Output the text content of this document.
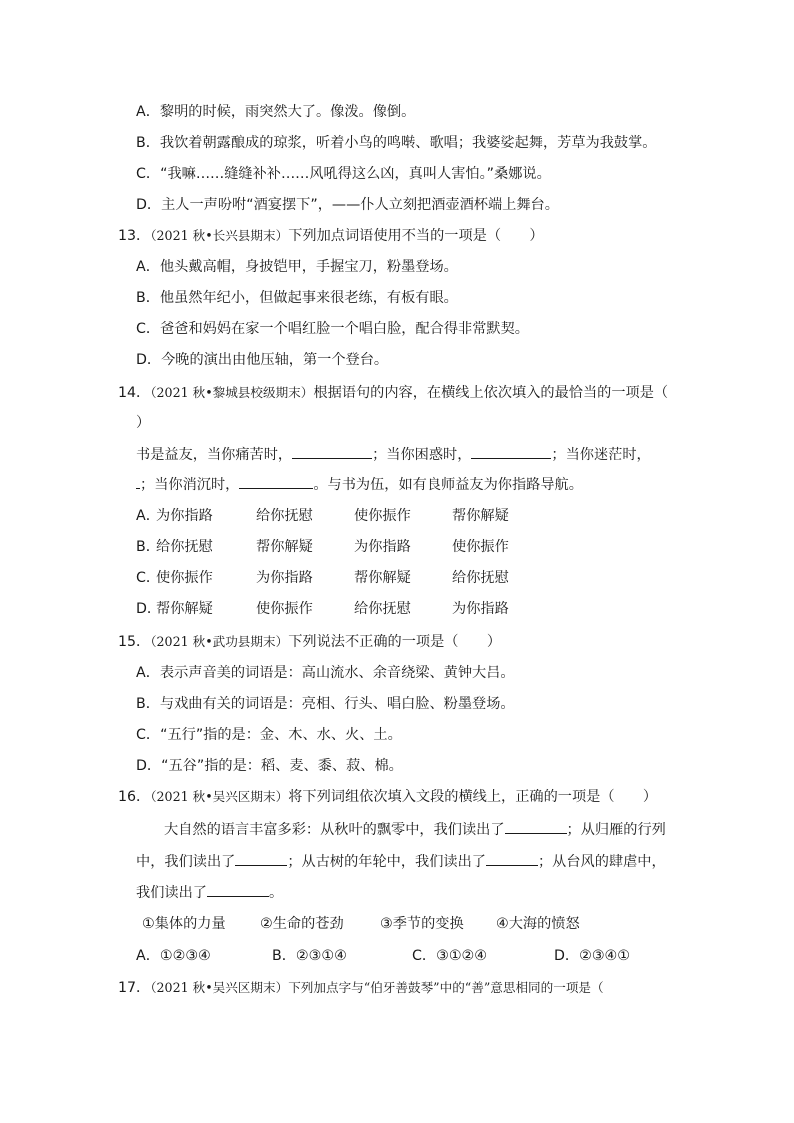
A．黎明的时候，雨突然大了。像泼。像倒。
B．我饮着朝露酿成的琼浆，听着小鸟的鸣啭、歌唱；我婆娑起舞，芳草为我鼓掌。
C．“我嘛……缝缝补补……风吼得这么凶，真叫人害怕。”桑娜说。
D．主人一声吩咐“酒宴摆下”，——仆人立刻把酒壶酒杯端上舞台。
13．（2021 秋•长兴县期末）下列加点词语使用不当的一项是（　　）
A．他头戴高帽，身披铠甲，手握宝刀，粉墨登场。
B．他虽然年纪小，但做起事来很老练，有板有眼。
C．爸爸和妈妈在家一个唱红脸一个唱白脸，配合得非常默契。
D．今晚的演出由他压轴，第一个登台。
14．（2021 秋•黎城县校级期末）根据语句的内容，在横线上依次填入的最恰当的一项是（
）
书是益友，当你痛苦时，	；当你困惑时，	；当你迷茫时，
；当你消沉时，	。与书为伍，如有良师益友为你指路导航。
A．为你指路	给你抚慰	使你振作	帮你解疑
B．给你抚慰	帮你解疑	为你指路	使你振作
C．使你振作	为你指路	帮你解疑	给你抚慰
D．帮你解疑	使你振作	给你抚慰	为你指路
15．（2021 秋•武功县期末）下列说法不正确的一项是（　　）
A．表示声音美的词语是：高山流水、余音绕梁、黄钟大吕。
B．与戏曲有关的词语是：亮相、行头、唱白脸、粉墨登场。
C．“五行”指的是：金、木、水、火、土。
D．“五谷”指的是：稻、麦、黍、菽、棉。
16．（2021 秋•吴兴区期末）将下列词组依次填入文段的横线上，正确的一项是（　　）
大自然的语言丰富多彩：从秋叶的飘零中，我们读出了	；从归雁的行列
中，我们读出了	；从古树的年轮中，我们读出了	；从台风的肆虐中，
我们读出了	。
①集体的力量 ②生命的苍劲	③季节的变换 ④大海的愤怒
A．①②③④	B．②③①④	C．③①②④	D．②③④①
17．（2021 秋•吴兴区期末）下列加点字与“伯牙善鼓琴”中的“善”意思相同的一项是（
